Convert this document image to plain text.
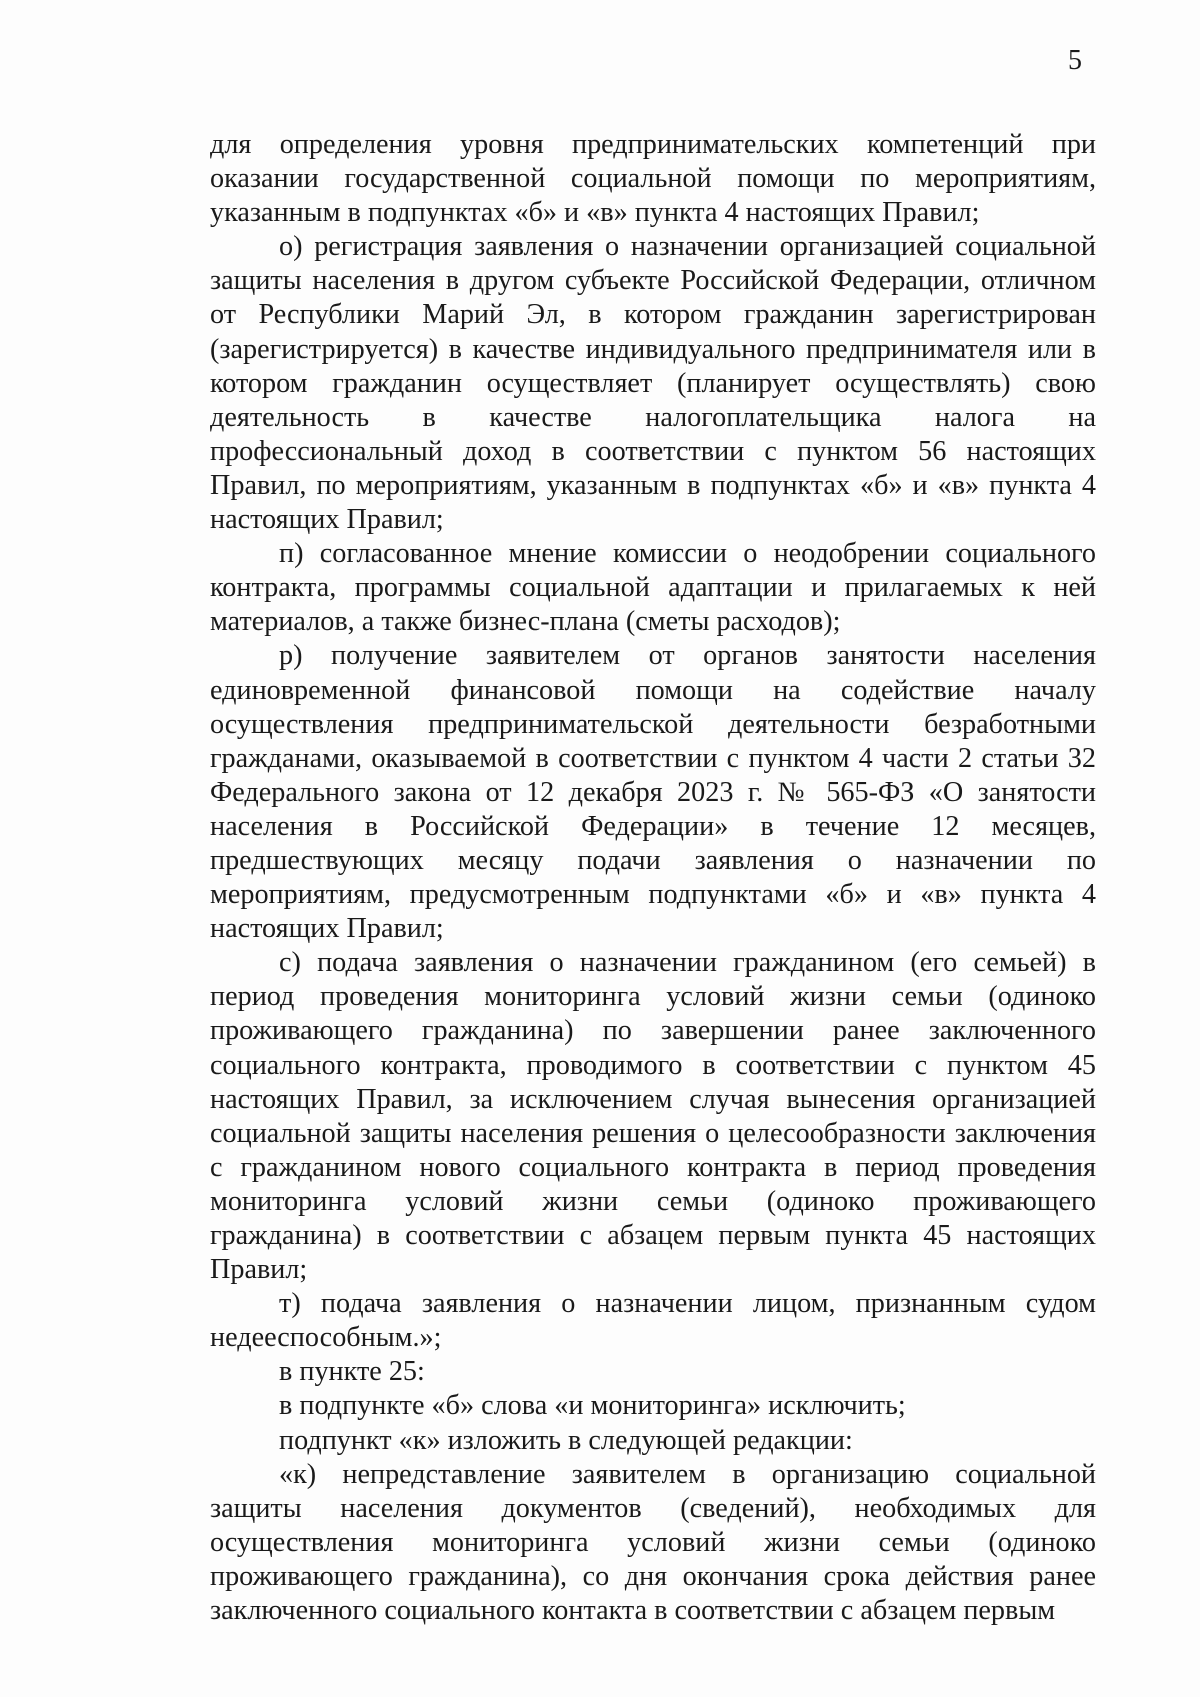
5

для определения уровня предпринимательских компетенций при оказании государственной социальной помощи по мероприятиям, указанным в подпунктах «б» и «в» пункта 4 настоящих Правил;

о) регистрация заявления о назначении организацией социальной защиты населения в другом субъекте Российской Федерации, отличном от Республики Марий Эл, в котором гражданин зарегистрирован (зарегистрируется) в качестве индивидуального предпринимателя или в котором гражданин осуществляет (планирует осуществлять) свою деятельность в качестве налогоплательщика налога на профессиональный доход в соответствии с пунктом 56 настоящих Правил, по мероприятиям, указанным в подпунктах «б» и «в» пункта 4 настоящих Правил;

п) согласованное мнение комиссии о неодобрении социального контракта, программы социальной адаптации и прилагаемых к ней материалов, а также бизнес-плана (сметы расходов);

р) получение заявителем от органов занятости населения единовременной финансовой помощи на содействие началу осуществления предпринимательской деятельности безработными гражданами, оказываемой в соответствии с пунктом 4 части 2 статьи 32 Федерального закона от 12 декабря 2023 г. № 565-ФЗ «О занятости населения в Российской Федерации» в течение 12 месяцев, предшествующих месяцу подачи заявления о назначении по мероприятиям, предусмотренным подпунктами «б» и «в» пункта 4 настоящих Правил;

с) подача заявления о назначении гражданином (его семьей) в период проведения мониторинга условий жизни семьи (одиноко проживающего гражданина) по завершении ранее заключенного социального контракта, проводимого в соответствии с пунктом 45 настоящих Правил, за исключением случая вынесения организацией социальной защиты населения решения о целесообразности заключения с гражданином нового социального контракта в период проведения мониторинга условий жизни семьи (одиноко проживающего гражданина) в соответствии с абзацем первым пункта 45 настоящих Правил;

т) подача заявления о назначении лицом, признанным судом недееспособным.»;

в пункте 25:

в подпункте «б» слова «и мониторинга» исключить;

подпункт «к» изложить в следующей редакции:

«к) непредставление заявителем в организацию социальной защиты населения документов (сведений), необходимых для осуществления мониторинга условий жизни семьи (одиноко проживающего гражданина), со дня окончания срока действия ранее заключенного социального контакта в соответствии с абзацем первым
